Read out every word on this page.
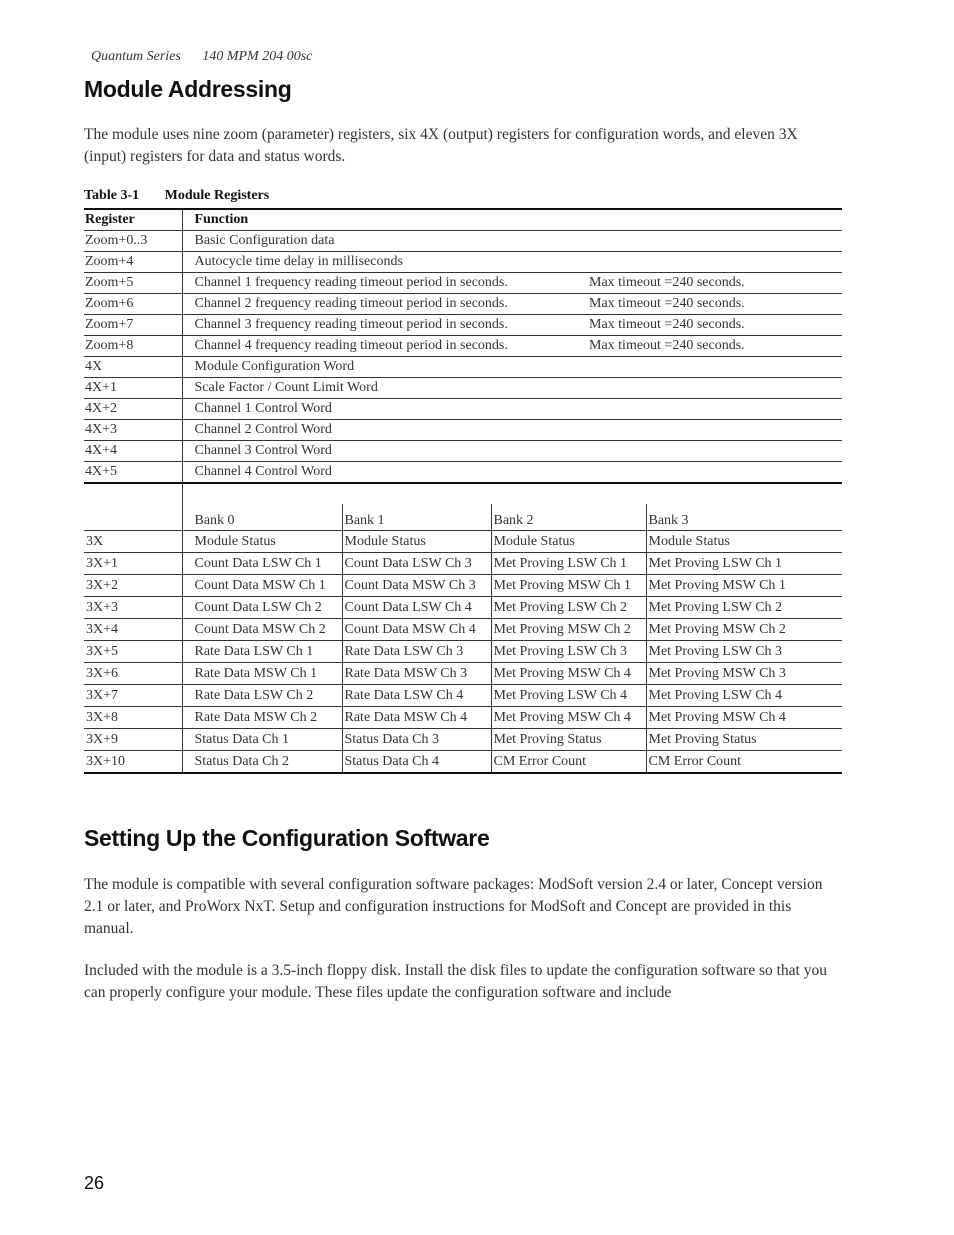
Quantum Series 140 MPM 204 00sc
Module Addressing

The module uses nine zoom (parameter) registers, six 4X (output) registers for configuration words, and eleven 3X (input) registers for data and status words.

Table 3-1 Module Registers
Register	Function	
Zoom+0..3	Basic Configuration data	
Zoom+4	Autocycle time delay in milliseconds	
Zoom+5	Channel 1 frequency reading timeout period in seconds.	Max timeout =240 seconds.
Zoom+6	Channel 2 frequency reading timeout period in seconds.	Max timeout =240 seconds.
Zoom+7	Channel 3 frequency reading timeout period in seconds.	Max timeout =240 seconds.
Zoom+8	Channel 4 frequency reading timeout period in seconds.	Max timeout =240 seconds.
4X	Module Configuration Word	
4X+1	Scale Factor / Count Limit Word	
4X+2	Channel 1 Control Word	
4X+3	Channel 2 Control Word	
4X+4	Channel 3 Control Word	
4X+5	Channel 4 Control Word	

	Bank 0	Bank 1	Bank 2	Bank 3
3X	Module Status	Module Status	Module Status	Module Status
3X+1	Count Data LSW Ch 1	Count Data LSW Ch 3	Met Proving LSW Ch 1	Met Proving LSW Ch 1
3X+2	Count Data MSW Ch 1	Count Data MSW Ch 3	Met Proving MSW Ch 1	Met Proving MSW Ch 1
3X+3	Count Data LSW Ch 2	Count Data LSW Ch 4	Met Proving LSW Ch 2	Met Proving LSW Ch 2
3X+4	Count Data MSW Ch 2	Count Data MSW Ch 4	Met Proving MSW Ch 2	Met Proving MSW Ch 2
3X+5	Rate Data LSW Ch 1	Rate Data LSW Ch 3	Met Proving LSW Ch 3	Met Proving LSW Ch 3
3X+6	Rate Data MSW Ch 1	Rate Data MSW Ch 3	Met Proving MSW Ch 4	Met Proving MSW Ch 3
3X+7	Rate Data LSW Ch 2	Rate Data LSW Ch 4	Met Proving LSW Ch 4	Met Proving LSW Ch 4
3X+8	Rate Data MSW Ch 2	Rate Data MSW Ch 4	Met Proving MSW Ch 4	Met Proving MSW Ch 4
3X+9	Status Data Ch 1	Status Data Ch 3	Met Proving Status	Met Proving Status
3X+10	Status Data Ch 2	Status Data Ch 4	CM Error Count	CM Error Count
Setting Up the Configuration Software

The module is compatible with several configuration software packages: ModSoft version 2.4 or later, Concept version 2.1 or later, and ProWorx NxT. Setup and configuration instructions for ModSoft and Concept are provided in this manual.

Included with the module is a 3.5-inch floppy disk. Install the disk files to update the configuration software so that you can properly configure your module. These files update the configuration software and include

26
